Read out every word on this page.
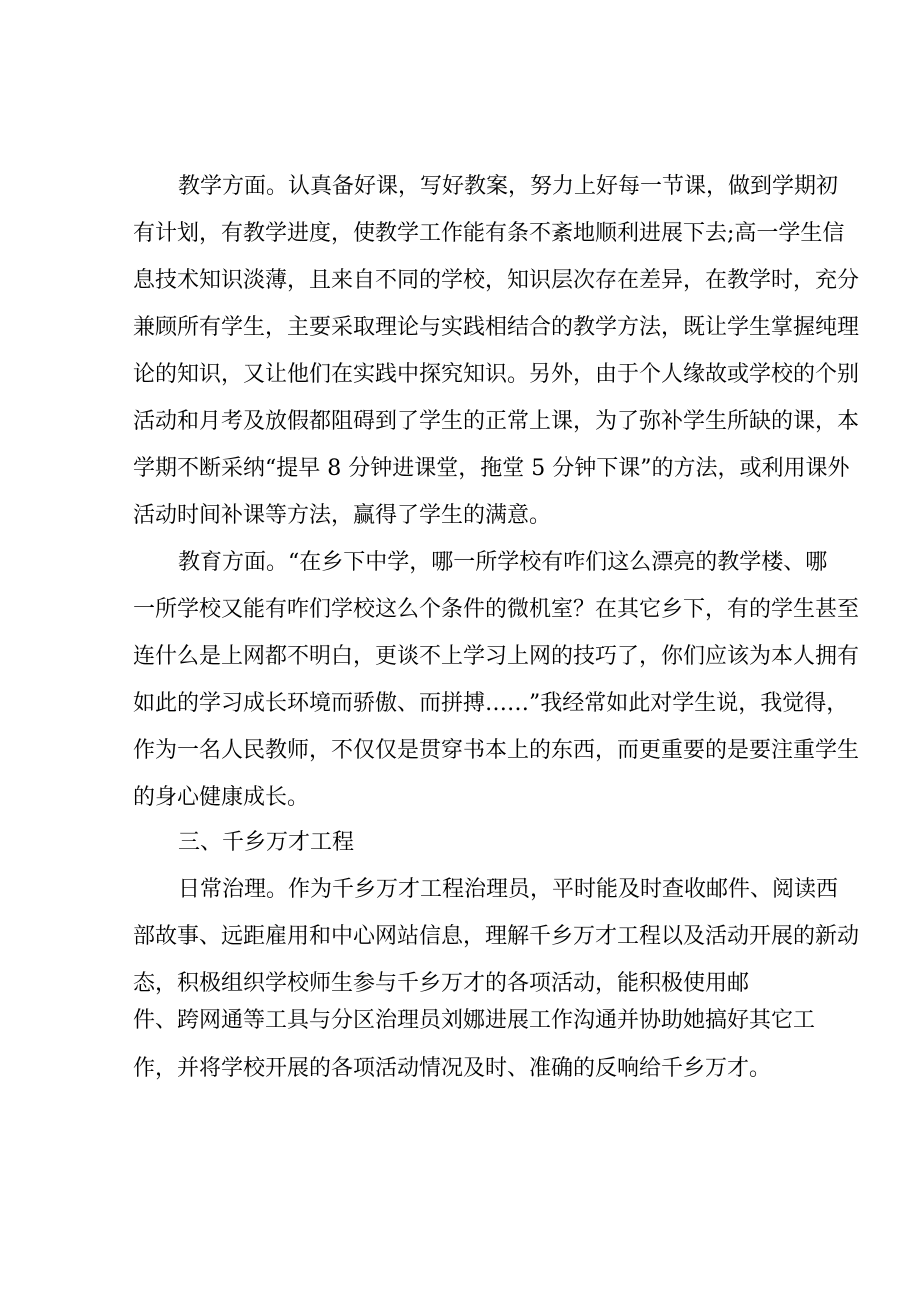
教学方面。认真备好课，写好教案，努力上好每一节课，做到学期初

有计划，有教学进度，使教学工作能有条不紊地顺利进展下去;高一学生信

息技术知识淡薄，且来自不同的学校，知识层次存在差异，在教学时，充分

兼顾所有学生，主要采取理论与实践相结合的教学方法，既让学生掌握纯理

论的知识，又让他们在实践中探究知识。另外，由于个人缘故或学校的个别

活动和月考及放假都阻碍到了学生的正常上课，为了弥补学生所缺的课，本

学期不断采纳“提早 8 分钟进课堂，拖堂 5 分钟下课”的方法，或利用课外

活动时间补课等方法，赢得了学生的满意。

教育方面。“在乡下中学，哪一所学校有咋们这么漂亮的教学楼、哪

一所学校又能有咋们学校这么个条件的微机室？在其它乡下，有的学生甚至

连什么是上网都不明白，更谈不上学习上网的技巧了，你们应该为本人拥有

如此的学习成长环境而骄傲、而拼搏……”我经常如此对学生说，我觉得，

作为一名人民教师，不仅仅是贯穿书本上的东西，而更重要的是要注重学生

的身心健康成长。

三、千乡万才工程

日常治理。作为千乡万才工程治理员，平时能及时查收邮件、阅读西

部故事、远距雇用和中心网站信息，理解千乡万才工程以及活动开展的新动

态，积极组织学校师生参与千乡万才的各项活动，能积极使用邮

件、跨网通等工具与分区治理员刘娜进展工作沟通并协助她搞好其它工

作，并将学校开展的各项活动情况及时、准确的反响给千乡万才。
